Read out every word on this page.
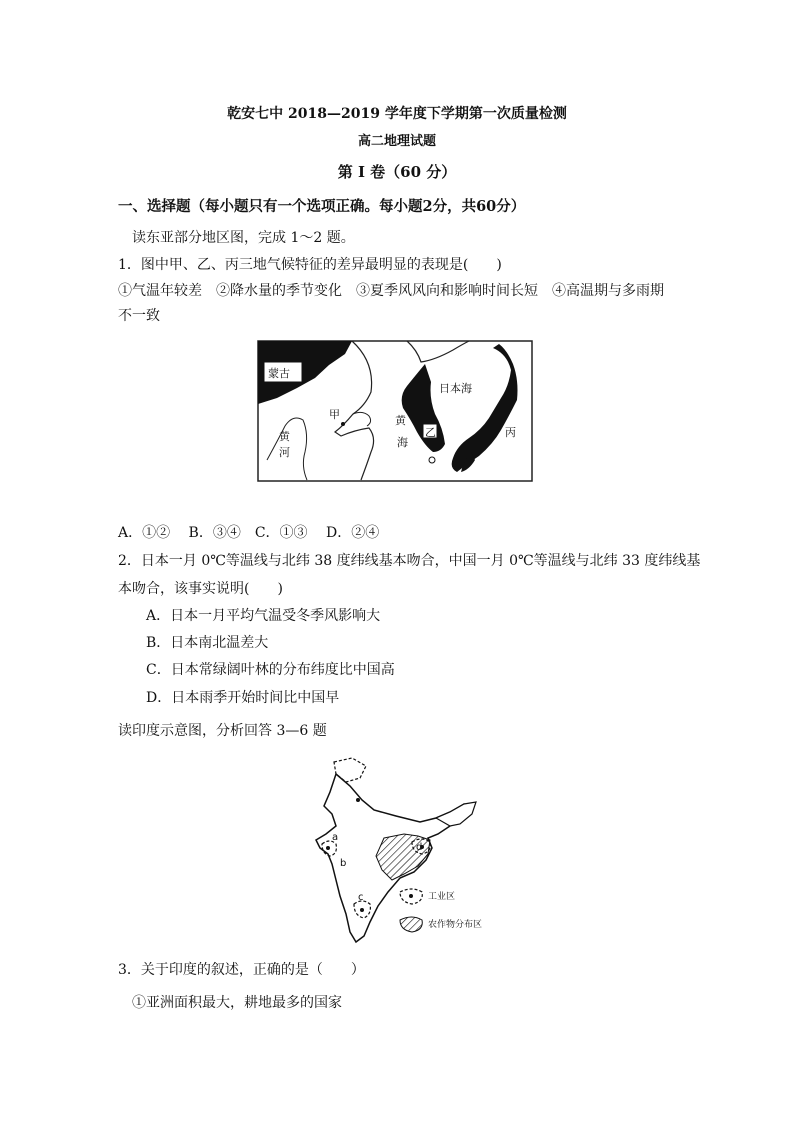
乾安七中 2018—2019 学年度下学期第一次质量检测
高二地理试题
第 I 卷（60 分）
一、选择题（每小题只有一个选项正确。每小题2分，共60分）
读东亚部分地区图，完成 1～2 题。
1．图中甲、乙、丙三地气候特征的差异最明显的表现是(　　)
①气温年较差　②降水量的季节变化　③夏季风风向和影响时间长短　④高温期与多雨期
不一致
蒙古
日本海
甲	黄
海
乙	丙
黄
河
A．①②　 B．③④　C．①③　 D．②④
2．日本一月 0℃等温线与北纬 38 度纬线基本吻合，中国一月 0℃等温线与北纬 33 度纬线基
本吻合，该事实说明(　　)
A．日本一月平均气温受冬季风影响大
B．日本南北温差大
C．日本常绿阔叶林的分布纬度比中国高
D．日本雨季开始时间比中国早
读印度示意图，分析回答 3—6 题
a
b
c
d
工业区
农作物分布区
3．关于印度的叙述，正确的是（　　）
①亚洲面积最大，耕地最多的国家
